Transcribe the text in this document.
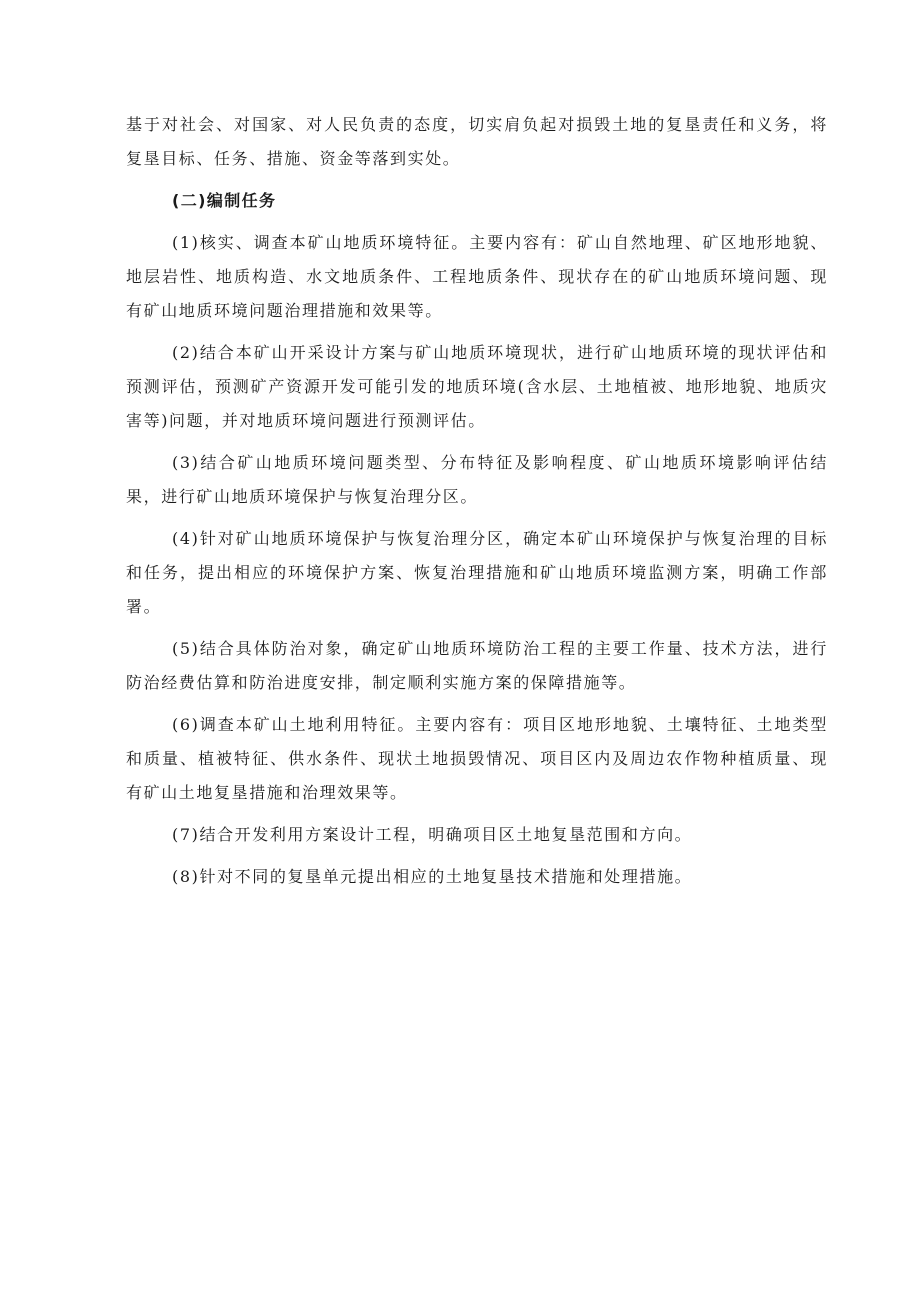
基于对社会、对国家、对人民负责的态度，切实肩负起对损毁土地的复垦责任和义务，将复垦目标、任务、措施、资金等落到实处。

(二)编制任务

(1)核实、调查本矿山地质环境特征。主要内容有：矿山自然地理、矿区地形地貌、地层岩性、地质构造、水文地质条件、工程地质条件、现状存在的矿山地质环境问题、现有矿山地质环境问题治理措施和效果等。

(2)结合本矿山开采设计方案与矿山地质环境现状，进行矿山地质环境的现状评估和预测评估，预测矿产资源开发可能引发的地质环境(含水层、土地植被、地形地貌、地质灾害等)问题，并对地质环境问题进行预测评估。

(3)结合矿山地质环境问题类型、分布特征及影响程度、矿山地质环境影响评估结果，进行矿山地质环境保护与恢复治理分区。

(4)针对矿山地质环境保护与恢复治理分区，确定本矿山环境保护与恢复治理的目标和任务，提出相应的环境保护方案、恢复治理措施和矿山地质环境监测方案，明确工作部署。

(5)结合具体防治对象，确定矿山地质环境防治工程的主要工作量、技术方法，进行防治经费估算和防治进度安排，制定顺利实施方案的保障措施等。

(6)调查本矿山土地利用特征。主要内容有：项目区地形地貌、土壤特征、土地类型和质量、植被特征、供水条件、现状土地损毁情况、项目区内及周边农作物种植质量、现有矿山土地复垦措施和治理效果等。

(7)结合开发利用方案设计工程，明确项目区土地复垦范围和方向。

(8)针对不同的复垦单元提出相应的土地复垦技术措施和处理措施。
